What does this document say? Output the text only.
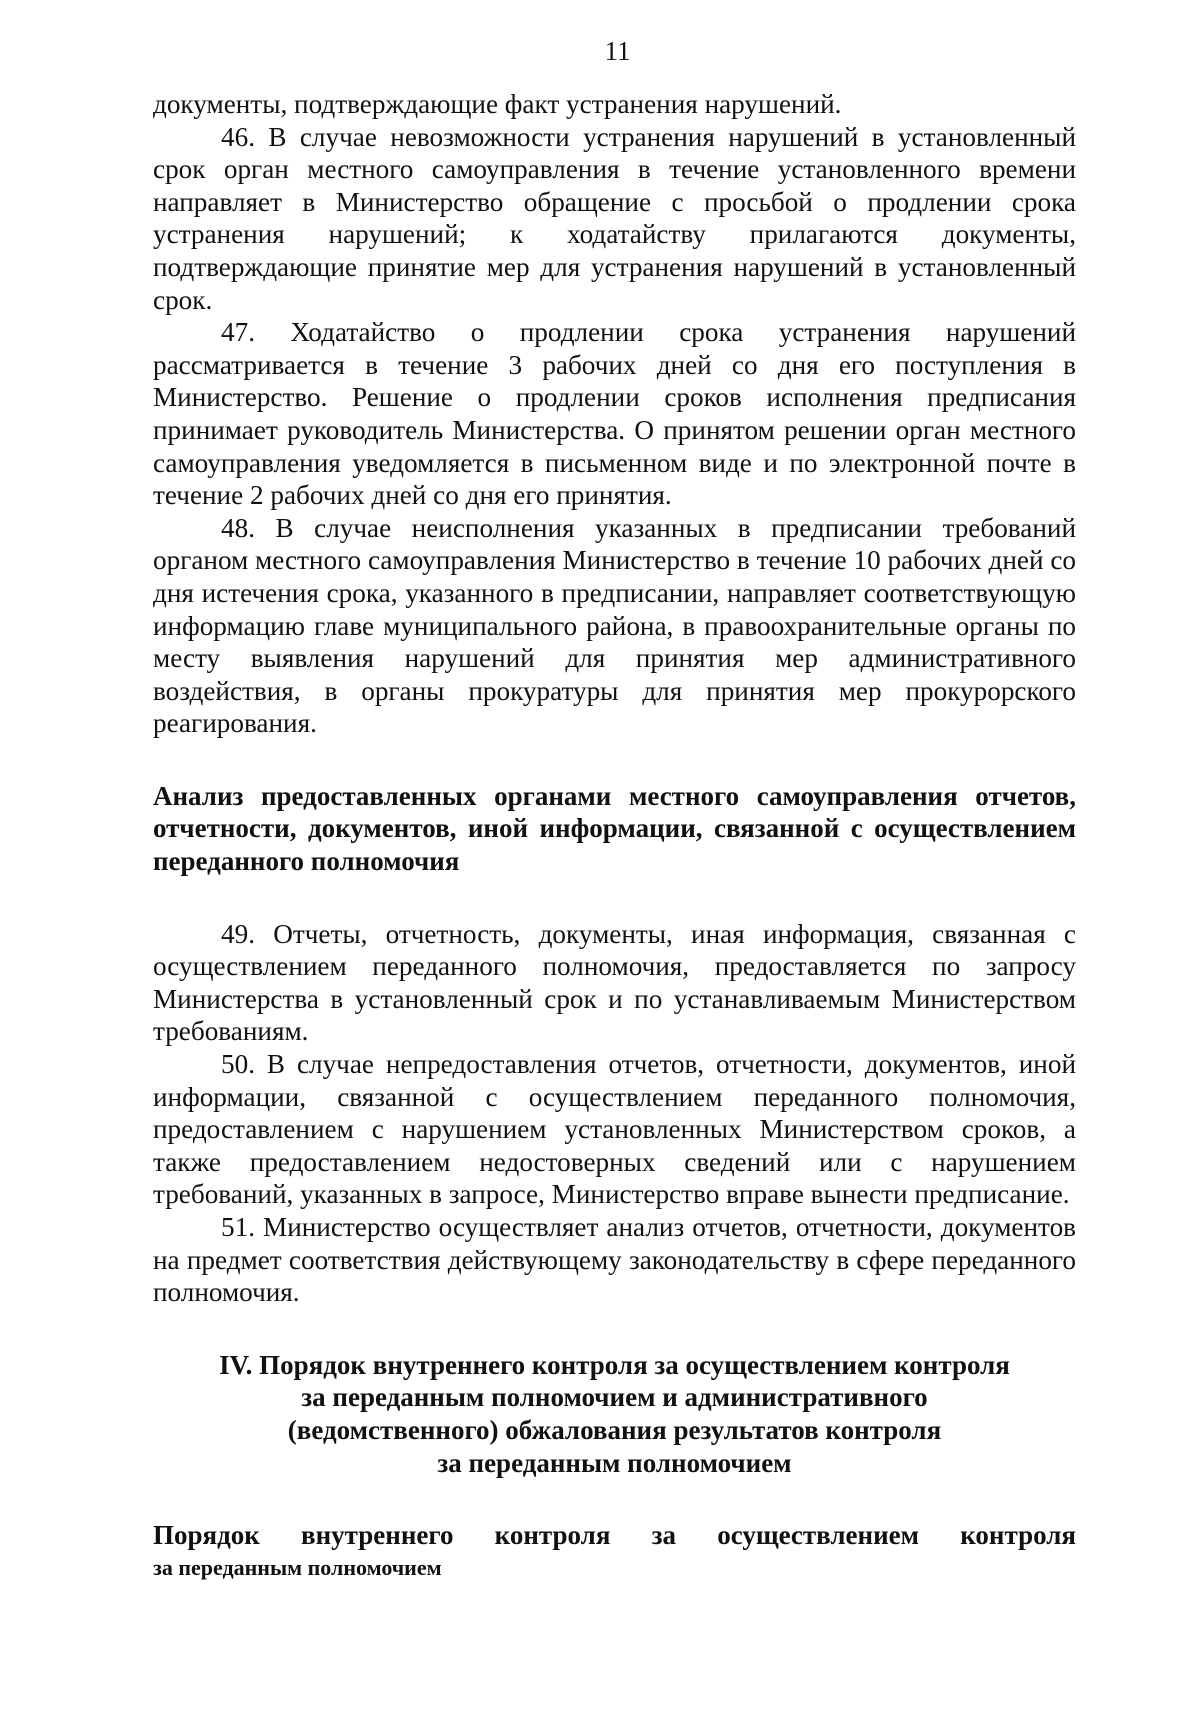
11

документы, подтверждающие факт устранения нарушений.

46. В случае невозможности устранения нарушений в установленный срок орган местного самоуправления в течение установленного времени направляет в Министерство обращение с просьбой о продлении срока устранения нарушений; к ходатайству прилагаются документы, подтверждающие принятие мер для устранения нарушений в установленный срок.

47. Ходатайство о продлении срока устранения нарушений рассматривается в течение 3 рабочих дней со дня его поступления в Министерство. Решение о продлении сроков исполнения предписания принимает руководитель Министерства. О принятом решении орган местного самоуправления уведомляется в письменном виде и по электронной почте в течение 2 рабочих дней со дня его принятия.

48. В случае неисполнения указанных в предписании требований органом местного самоуправления Министерство в течение 10 рабочих дней со дня истечения срока, указанного в предписании, направляет соответствующую информацию главе муниципального района, в правоохранительные органы по месту выявления нарушений для принятия мер административного воздействия, в органы прокуратуры для принятия мер прокурорского реагирования.

Анализ предоставленных органами местного самоуправления отчетов, отчетности, документов, иной информации, связанной с осуществлением переданного полномочия

49. Отчеты, отчетность, документы, иная информация, связанная с осуществлением переданного полномочия, предоставляется по запросу Министерства в установленный срок и по устанавливаемым Министерством требованиям.

50. В случае непредоставления отчетов, отчетности, документов, иной информации, связанной с осуществлением переданного полномочия, предоставлением с нарушением установленных Министерством сроков, а также предоставлением недостоверных сведений или с нарушением требований, указанных в запросе, Министерство вправе вынести предписание.

51. Министерство осуществляет анализ отчетов, отчетности, документов на предмет соответствия действующему законодательству в сфере переданного полномочия.

IV. Порядок внутреннего контроля за осуществлением контроля
за переданным полномочием и административного
(ведомственного) обжалования результатов контроля
за переданным полномочием
Порядок внутреннего контроля за осуществлением контроля
за переданным полномочием
